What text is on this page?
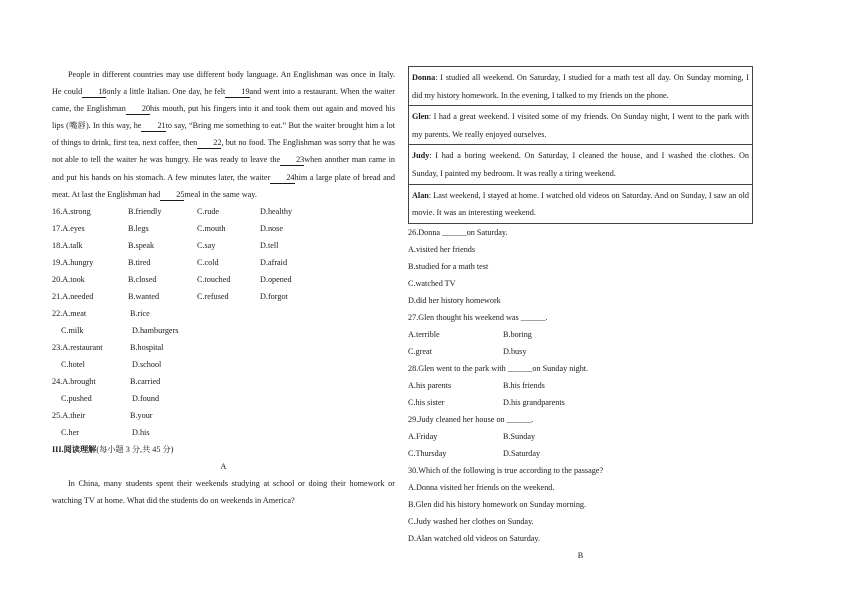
People in different countries may use different body language. An Englishman was once in Italy. He could 18only a little Italian. One day, he felt 19and went into a restaurant. When the waiter came, the Englishman 20his mouth, put his fingers into it and took them out again and moved his lips (嘴唇). In this way, he 21to say, “Bring me something to eat.” But the waiter brought him a lot of things to drink, first tea, next coffee, then 22, but no food. The Englishman was sorry that he was not able to tell the waiter he was hungry. He was ready to leave the 23when another man came in and put his hands on his stomach. A few minutes later, the waiter 24him a large plate of bread and meat. At last the Englishman had 25meal in the same way.

16.A.strong	B.friendly	C.rude	D.healthy
17.A.eyes	B.legs	C.mouth	D.nose
18.A.talk	B.speak	C.say	D.tell
19.A.hungry	B.tired	C.cold	D.afraid
20.A.took	B.closed	C.touched	D.opened
21.A.needed	B.wanted	C.refused	D.forgot
22.A.meat	B.rice
C.milk	D.hamburgers
23.A.restaurant	B.hospital
C.hotel	D.school
24.A.brought	B.carried
C.pushed	D.found
25.A.their	B.your
C.her	D.his
III.阅读理解(每小题 3 分,共 45 分)
A

In China, many students spent their weekends studying at school or doing their homework or watching TV at home. What did the students do on weekends in America?

Donna: I studied all weekend. On Saturday, I studied for a math test all day. On Sunday morning, I did my history homework. In the evening, I talked to my friends on the phone.
Glen: I had a great weekend. I visited some of my friends. On Sunday night, I went to the park with my parents. We really enjoyed ourselves.
Judy: I had a boring weekend. On Saturday, I cleaned the house, and I washed the clothes. On Sunday, I painted my bedroom. It was really a tiring weekend.
Alan: Last weekend, I stayed at home. I watched old videos on Saturday. And on Sunday, I saw an old movie. It was an interesting weekend.
26.Donna ______on Saturday.
A.visited her friends
B.studied for a math test
C.watched TV
D.did her history homework
27.Glen thought his weekend was ______.
A.terrible	B.boring
C.great	D.busy
28.Glen went to the park with ______on Sunday night.
A.his parents	B.his friends
C.his sister	D.his grandparents
29.Judy cleaned her house on ______.
A.Friday	B.Sunday
C.Thursday	D.Saturday
30.Which of the following is true according to the passage?
A.Donna visited her friends on the weekend.
B.Glen did his history homework on Sunday morning.
C.Judy washed her clothes on Sunday.
D.Alan watched old videos on Saturday.
B
